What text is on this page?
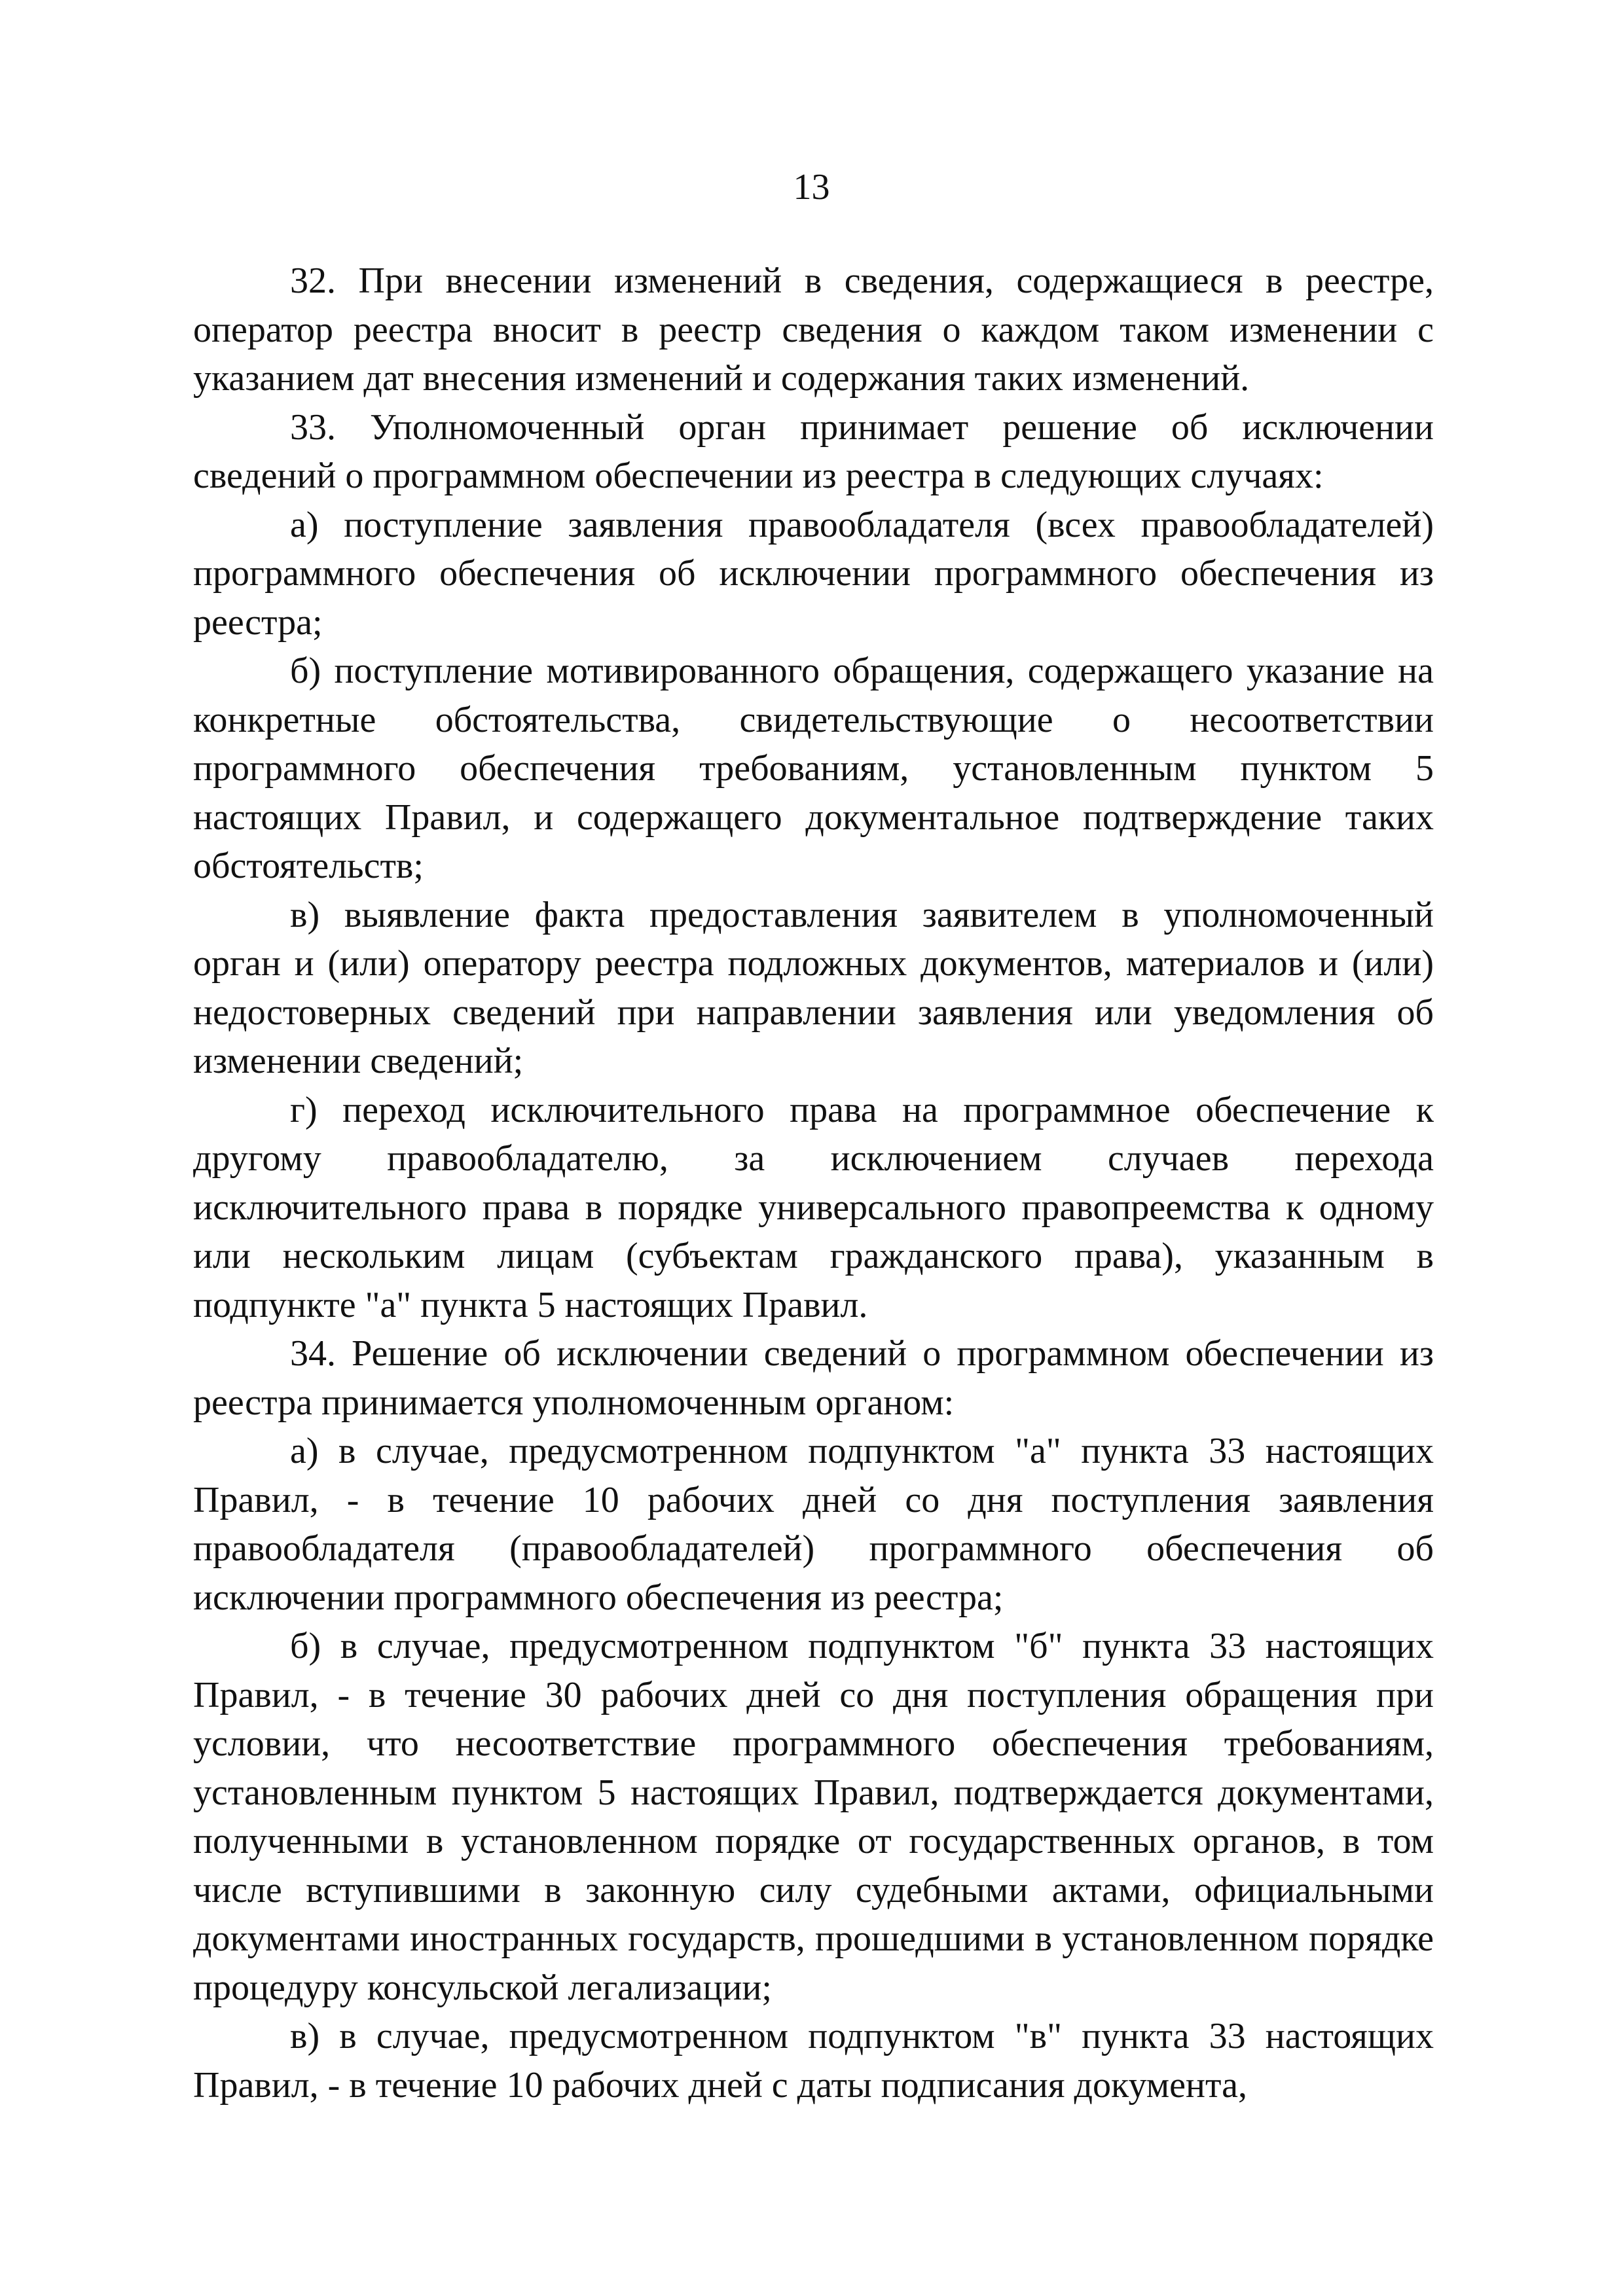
13

32. При внесении изменений в сведения, содержащиеся в реестре, оператор реестра вносит в реестр сведения о каждом таком изменении с указанием дат внесения изменений и содержания таких изменений.

33. Уполномоченный орган принимает решение об исключении сведений о программном обеспечении из реестра в следующих случаях:

а) поступление заявления правообладателя (всех правообладателей) программного обеспечения об исключении программного обеспечения из реестра;

б) поступление мотивированного обращения, содержащего указание на конкретные обстоятельства, свидетельствующие о несоответствии программного обеспечения требованиям, установленным пунктом 5 настоящих Правил, и содержащего документальное подтверждение таких обстоятельств;

в) выявление факта предоставления заявителем в уполномоченный орган и (или) оператору реестра подложных документов, материалов и (или) недостоверных сведений при направлении заявления или уведомления об изменении сведений;

г) переход исключительного права на программное обеспечение к другому правообладателю, за исключением случаев перехода исключительного права в порядке универсального правопреемства к одному или нескольким лицам (субъектам гражданского права), указанным в подпункте "а" пункта 5 настоящих Правил.

34. Решение об исключении сведений о программном обеспечении из реестра принимается уполномоченным органом:

а) в случае, предусмотренном подпунктом "а" пункта 33 настоящих Правил, - в течение 10 рабочих дней со дня поступления заявления правообладателя (правообладателей) программного обеспечения об исключении программного обеспечения из реестра;

б) в случае, предусмотренном подпунктом "б" пункта 33 настоящих Правил, - в течение 30 рабочих дней со дня поступления обращения при условии, что несоответствие программного обеспечения требованиям, установленным пунктом 5 настоящих Правил, подтверждается документами, полученными в установленном порядке от государственных органов, в том числе вступившими в законную силу судебными актами, официальными документами иностранных государств, прошедшими в установленном порядке процедуру консульской легализации;

в) в случае, предусмотренном подпунктом "в" пункта 33 настоящих Правил, - в течение 10 рабочих дней с даты подписания документа,
